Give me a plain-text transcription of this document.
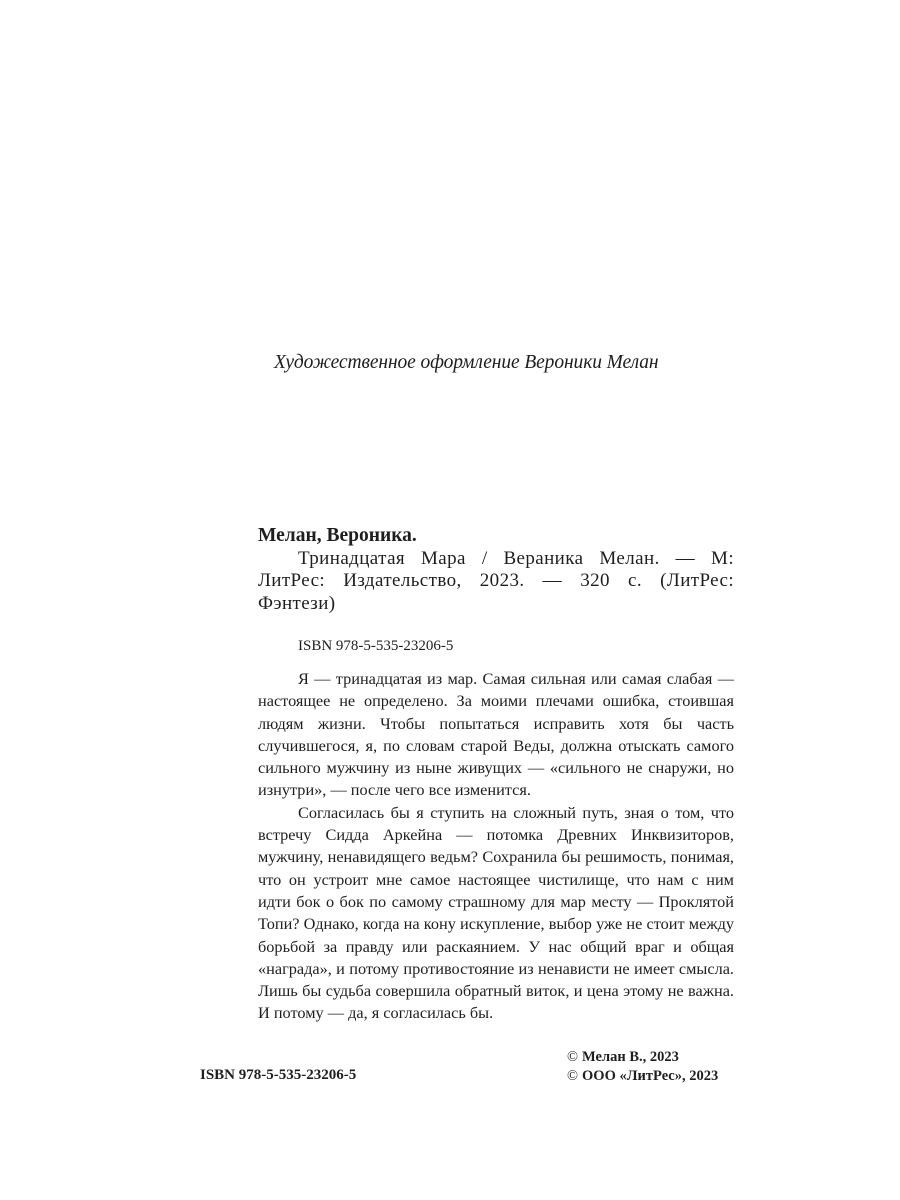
Художественное оформление Вероники Мелан
Мелан, Вероника.
Тринадцатая Мара / Вераника Мелан. — М: ЛитРес: Издательство, 2023. — 320 с. (ЛитРес: Фэнтези)
ISBN 978-5-535-23206-5

Я — тринадцатая из мар. Самая сильная или самая слабая — настоящее не определено. За моими плечами ошибка, стоившая людям жизни. Чтобы попытаться исправить хотя бы часть случившегося, я, по словам старой Веды, должна отыскать самого сильного мужчину из ныне живущих — «сильного не снаружи, но изнутри», — после чего все изменится.

Согласилась бы я ступить на сложный путь, зная о том, что встречу Сидда Аркейна — потомка Древних Инквизиторов, мужчину, ненавидящего ведьм? Сохранила бы решимость, понимая, что он устроит мне самое настоящее чистилище, что нам с ним идти бок о бок по самому страшному для мар месту — Проклятой Топи? Однако, когда на кону искупление, выбор уже не стоит между борьбой за правду или раскаянием. У нас общий враг и общая «награда», и потому противостояние из ненависти не имеет смысла. Лишь бы судьба совершила обратный виток, и цена этому не важна. И потому — да, я согласилась бы.

ISBN 978-5-535-23206-5
© Мелан В., 2023
© ООО «ЛитРес», 2023
